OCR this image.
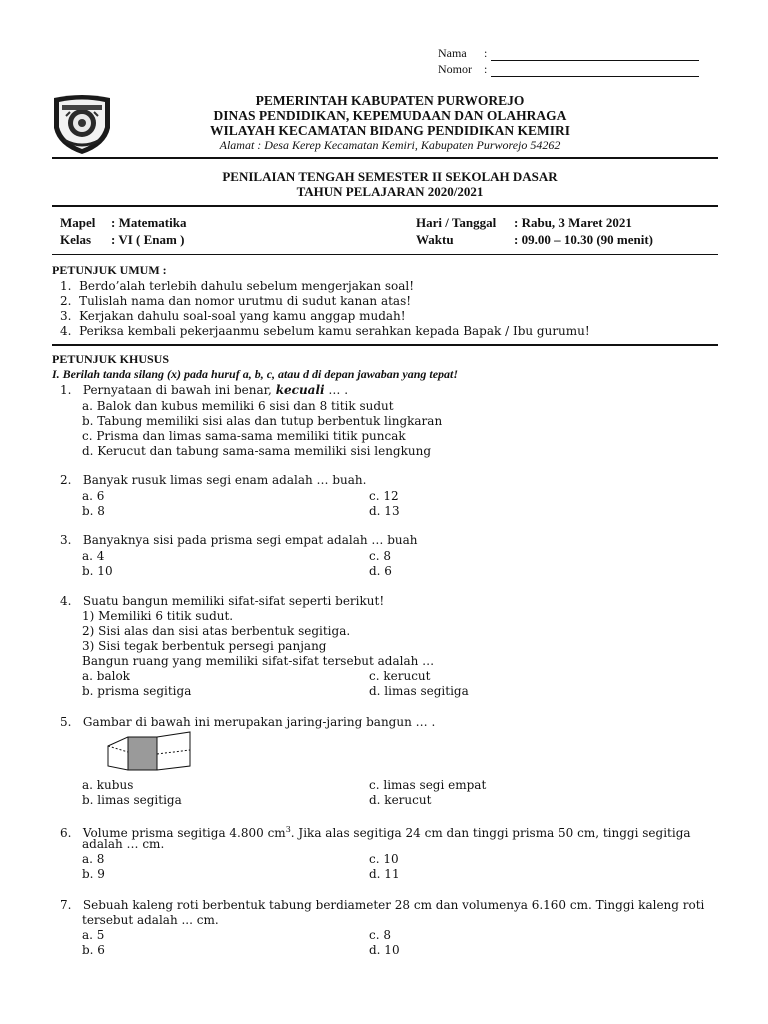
Nama :
Nomor :
PEMERINTAH KABUPATEN PURWOREJO
DINAS PENDIDIKAN, KEPEMUDAAN DAN OLAHRAGA
WILAYAH KECAMATAN BIDANG PENDIDIKAN KEMIRI
Alamat : Desa Kerep Kecamatan Kemiri, Kabupaten Purworejo 54262
PENILAIAN TENGAH SEMESTER II SEKOLAH DASAR
TAHUN PELAJARAN 2020/2021
Mapel : Matematika
Kelas : VI ( Enam )
Hari / Tanggal : Rabu, 3 Maret 2021
Waktu	: 09.00 – 10.30 (90 menit)
PETUNJUK UMUM :
1.  Berdo’alah terlebih dahulu sebelum mengerjakan soal!
2.  Tulislah nama dan nomor urutmu di sudut kanan atas!
3.  Kerjakan dahulu soal-soal yang kamu anggap mudah!
4.  Periksa kembali pekerjaanmu sebelum kamu serahkan kepada Bapak / Ibu gurumu!
PETUNJUK KHUSUS
I. Berilah tanda silang (x) pada huruf a, b, c, atau d di depan jawaban yang tepat!
1. Pernyataan di bawah ini benar, kecuali … .
a. Balok dan kubus memiliki 6 sisi dan 8 titik sudut
b. Tabung memiliki sisi alas dan tutup berbentuk lingkaran
c. Prisma dan limas sama-sama memiliki titik puncak
d. Kerucut dan tabung sama-sama memiliki sisi lengkung
2. Banyak rusuk limas segi enam adalah … buah.
a. 6	c. 12
b. 8	d. 13
3. Banyaknya sisi pada prisma segi empat adalah … buah
a. 4	c. 8
b. 10	d. 6
4. Suatu bangun memiliki sifat-sifat seperti berikut!
1) Memiliki 6 titik sudut.
2) Sisi alas dan sisi atas berbentuk segitiga.
3) Sisi tegak berbentuk persegi panjang
Bangun ruang yang memiliki sifat-sifat tersebut adalah …
a. balok	c. kerucut
b. prisma segitiga	d. limas segitiga
5. Gambar di bawah ini merupakan jaring-jaring bangun … .
a. kubus	c. limas segi empat
b. limas segitiga	d. kerucut
6. Volume prisma segitiga 4.800 $cm^3$. Jika alas segitiga 24 cm dan tinggi prisma 50 cm, tinggi segitiga
adalah … cm.
a. 8	c. 10
b. 9	d. 11
7. Sebuah kaleng roti berbentuk tabung berdiameter 28 cm dan volumenya 6.160 cm. Tinggi kaleng roti
tersebut adalah ... cm.
a. 5	c. 8
b. 6	d. 10
